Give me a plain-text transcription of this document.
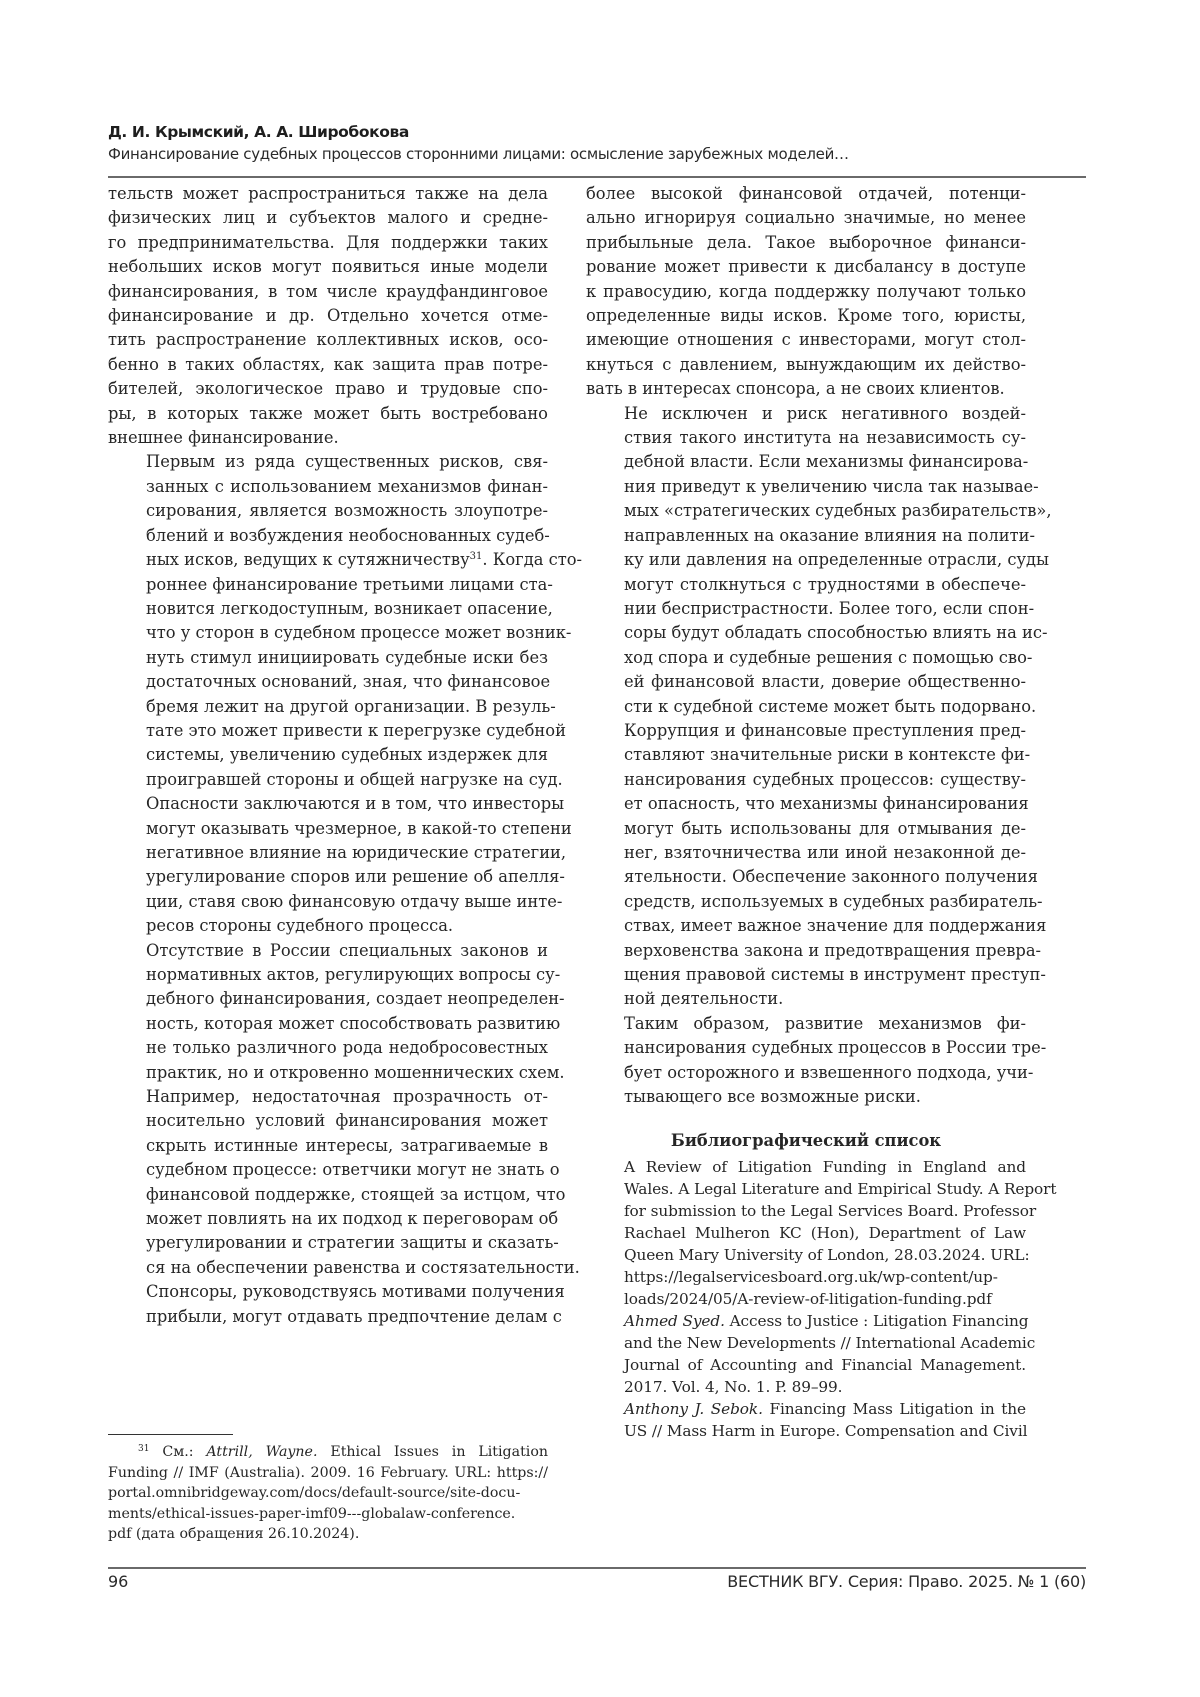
Д. И. Крымский, А. А. Широбокова
Финансирование судебных процессов сторонними лицами: осмысление зарубежных моделей…

тельств может распространиться также на дела
физических лиц и субъектов малого и средне-
го предпринимательства. Для поддержки таких
небольших исков могут появиться иные модели
финансирования, в том числе краудфандинговое
финансирование и др. Отдельно хочется отме-
тить распространение коллективных исков, осо-
бенно в таких областях, как защита прав потре-
бителей, экологическое право и трудовые спо-
ры, в которых также может быть востребовано
внешнее финансирование.

Первым из ряда существенных рисков, свя-
занных с использованием механизмов финан-
сирования, является возможность злоупотре-
блений и возбуждения необоснованных судеб-
ных исков, ведущих к сутяжничеству$^{31}$. Когда сто-
роннее финансирование третьими лицами ста-
новится легкодоступным, возникает опасение,
что у сторон в судебном процессе может возник-
нуть стимул инициировать судебные иски без
достаточных оснований, зная, что финансовое
бремя лежит на другой организации. В резуль-
тате это может привести к перегрузке судебной
системы, увеличению судебных издержек для
проигравшей стороны и общей нагрузке на суд.
Опасности заключаются и в том, что инвесторы
могут оказывать чрезмерное, в какой-то степени
негативное влияние на юридические стратегии,
урегулирование споров или решение об апелля-
ции, ставя свою финансовую отдачу выше инте-
ресов стороны судебного процесса.

Отсутствие в России специальных законов и
нормативных актов, регулирующих вопросы су-
дебного финансирования, создает неопределен-
ность, которая может способствовать развитию
не только различного рода недобросовестных
практик, но и откровенно мошеннических схем.

Например, недостаточная прозрачность от-
носительно условий финансирования может
скрыть истинные интересы, затрагиваемые в
судебном процессе: ответчики могут не знать о
финансовой поддержке, стоящей за истцом, что
может повлиять на их подход к переговорам об
урегулировании и стратегии защиты и сказать-
ся на обеспечении равенства и состязательности.
Спонсоры, руководствуясь мотивами получения
прибыли, могут отдавать предпочтение делам с

более высокой финансовой отдачей, потенци-
ально игнорируя социально значимые, но менее
прибыльные дела. Такое выборочное финанси-
рование может привести к дисбалансу в доступе
к правосудию, когда поддержку получают только
определенные виды исков. Кроме того, юристы,
имеющие отношения с инвесторами, могут стол-
кнуться с давлением, вынуждающим их действо-
вать в интересах спонсора, а не своих клиентов.

Не исключен и риск негативного воздей-
ствия такого института на независимость су-
дебной власти. Если механизмы финансирова-
ния приведут к увеличению числа так называе-
мых «стратегических судебных разбирательств»,
направленных на оказание влияния на полити-
ку или давления на определенные отрасли, суды
могут столкнуться с трудностями в обеспече-
нии беспристрастности. Более того, если спон-
соры будут обладать способностью влиять на ис-
ход спора и судебные решения с помощью сво-
ей финансовой власти, доверие общественно-
сти к судебной системе может быть подорвано.
Коррупция и финансовые преступления пред-
ставляют значительные риски в контексте фи-
нансирования судебных процессов: существу-
ет опасность, что механизмы финансирования
могут быть использованы для отмывания де-
нег, взяточничества или иной незаконной де-
ятельности. Обеспечение законного получения
средств, используемых в судебных разбиратель-
ствах, имеет важное значение для поддержания
верховенства закона и предотвращения превра-
щения правовой системы в инструмент преступ-
ной деятельности.

Таким образом, развитие механизмов фи-
нансирования судебных процессов в России тре-
бует осторожного и взвешенного подхода, учи-
тывающего все возможные риски.

Библиографический список

A Review of Litigation Funding in England and
Wales. A Legal Literature and Empirical Study. A Report
for submission to the Legal Services Board. Professor
Rachael Mulheron KC (Hon), Department of Law
Queen Mary University of London, 28.03.2024. URL:
https://legalservicesboard.org.uk/wp-content/up-
loads/2024/05/A-review-of-litigation-funding.pdf

Ahmed Syed. Access to Justice : Litigation Financing
and the New Developments // International Academic
Journal of Accounting and Financial Management.
2017. Vol. 4, No. 1. P. 89–99.

Anthony J. Sebok. Financing Mass Litigation in the
US // Mass Harm in Europe. Compensation and Civil

$^{31}$ См.: Attrill, Wayne. Ethical Issues in Litigation
Funding // IMF (Australia). 2009. 16 February. URL: https://
portal.omnibridgeway.com/docs/default-source/site-docu-
ments/ethical-issues-paper-imf09---globalaw-conference.
pdf (дата обращения 26.10.2024).
96	ВЕСТНИК ВГУ. Серия: Право. 2025. № 1 (60)
